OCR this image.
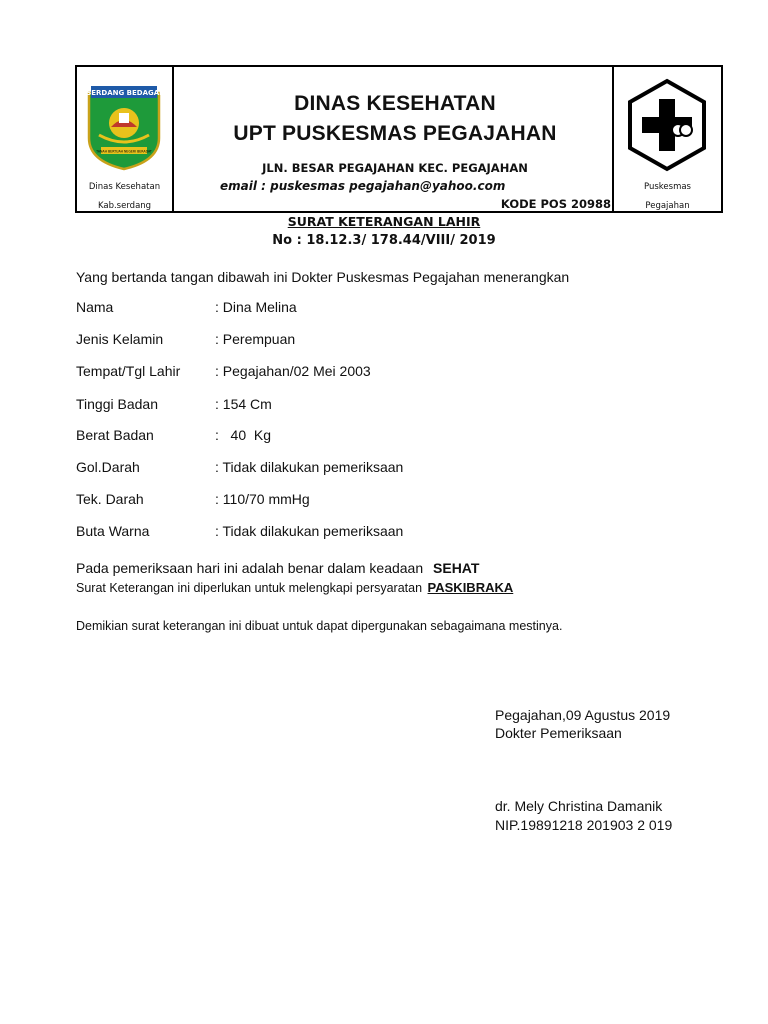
SERDANG BEDAGAI
TANAH BERTUAH NEGERI BERADAT
Dinas Kesehatan
Kab.serdang
DINAS KESEHATAN
UPT PUSKESMAS PEGAJAHAN
JLN. BESAR PEGAJAHAN KEC. PEGAJAHAN
email : puskesmas pegajahan@yahoo.com
KODE POS 20988
Puskesmas
Pegajahan
SURAT KETERANGAN LAHIR
No : 18.12.3/ 178.44/VIII/ 2019
Yang bertanda tangan dibawah ini Dokter Puskesmas Pegajahan menerangkan
Nama	: Dina Melina
Jenis Kelamin	: Perempuan
Tempat/Tgl Lahir : Pegajahan/02 Mei 2003
Tinggi Badan	: 154 Cm
Berat Badan	:   40  Kg
Gol.Darah	: Tidak dilakukan pemeriksaan
Tek. Darah	: 110/70 mmHg
Buta Warna	: Tidak dilakukan pemeriksaan
Pada pemeriksaan hari ini adalah benar dalam keadaan SEHAT
Surat Keterangan ini diperlukan untuk melengkapi persyaratan PASKIBRAKA
Demikian surat keterangan ini dibuat untuk dapat dipergunakan sebagaimana mestinya.
Pegajahan,09 Agustus 2019
Dokter Pemeriksaan
dr. Mely Christina Damanik
NIP.19891218 201903 2 019
